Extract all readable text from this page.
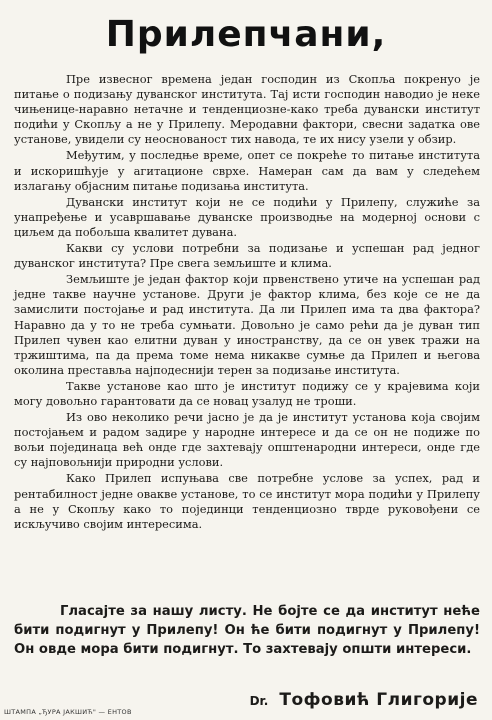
Прилепчани,

Пре извесног времена један господин из Скопља покренуо је питање о подизању дуванског института. Тај исти господин наводио је неке чињенице-наравно нетачне и тенденциозне-како треба дувански институт подићи у Скопљу а не у Прилепу. Меродавни фактори, свесни задатка ове установе, увидели су неоснованост тих навода, те их нису узели у обзир.

Међутим, у последње време, опет се покреће то питање института и искоришћује у агитационе сврхе. Намеран сам да вам у следећем излагању објасним питање подизања института.

Дувански институт који не се подићи у Прилепу, служиће за унапређење и усавршавање дуванске производње на модерној основи с циљем да побољша квалитет дувана.

Какви су услови потребни за подизање и успешан рад једног дуванског института? Пре свега земљиште и клима.

Земљиште је један фактор који првенствено утиче на успешан рад једне такве научне установе. Други је фактор клима, без које се не да замислити постојање и рад института. Да ли Прилеп има та два фактора? Наравно да у то не треба сумњати. Довољно је само рећи да је дуван тип Прилеп чувен као елитни дуван у иностранству, да се он увек тражи на тржиштима, па да према томе нема никакве сумње да Прилеп и његова околина преставља најподеснији терен за подизање института.

Такве установе као што је институт подижу се у крајевима који могу довољно гарантовати да се новац узалуд не троши.

Из ово неколико речи јасно је да је институт установа која својим постојањем и радом задире у народне интересе и да се он не подиже по вољи појединаца већ онде где захтевају општенародни интереси, онде где су најповољнији природни услови.

Како Прилеп испуњава све потребне услове за успех, рад и рентабилност једне овакве установе, то се институт мора подићи у Прилепу а не у Скопљу како то појединци тенденциозно тврде руковођени се искључиво својим интересима.

Гласајте за нашу листу. Не бојте се да институт неће бити подигнут у Прилепу! Он ће бити подигнут у Прилепу! Он овде мора бити подигнут. То захтевају општи интереси.
Dr. Тофовић Глигорије
ШТАМПА „ЂУРА ЈАКШИЋ" — ЕНТОВ
